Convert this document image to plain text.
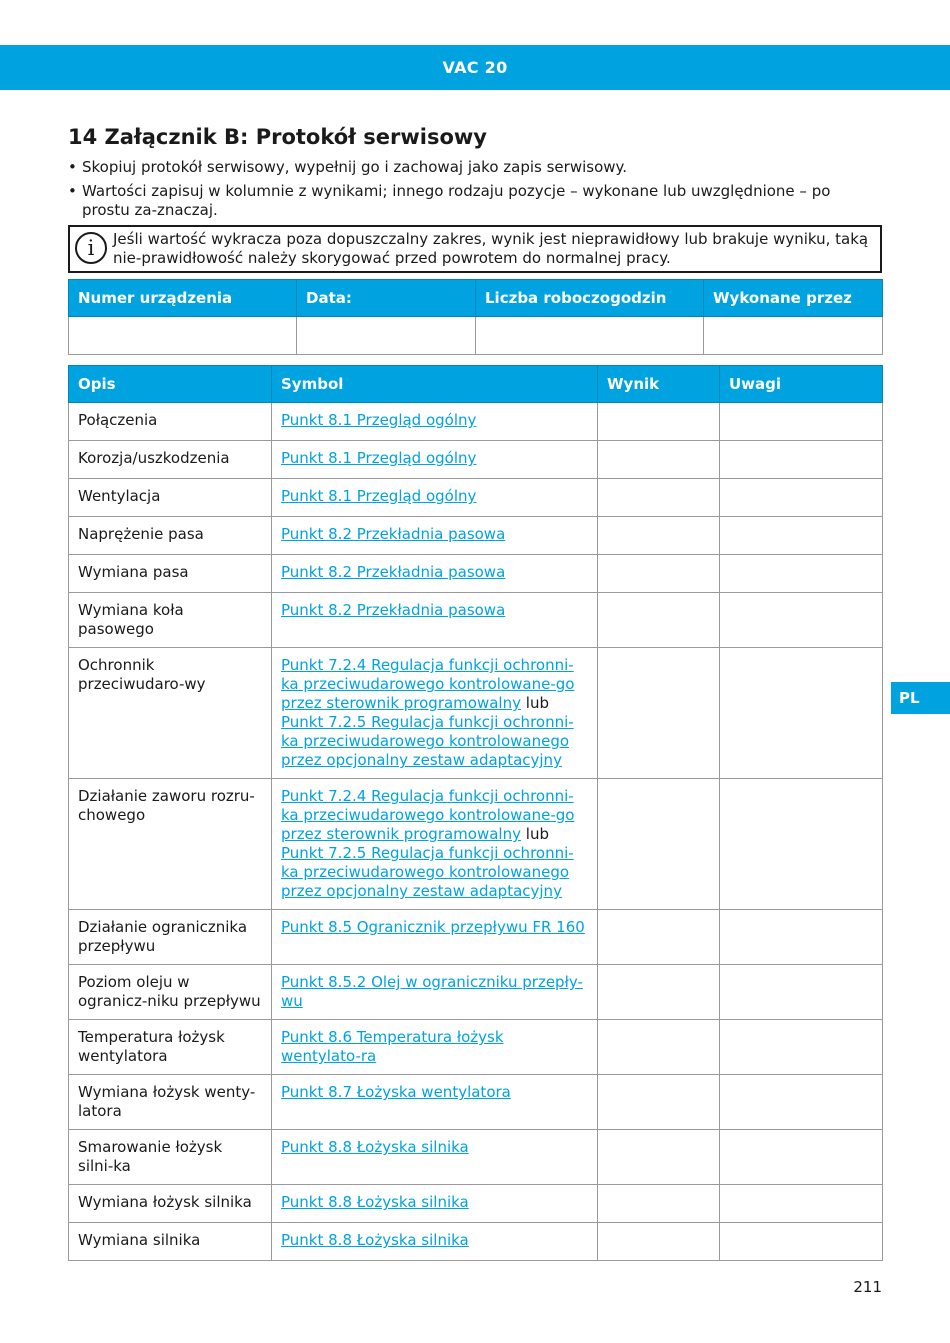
VAC 20
PL
14 Załącznik B: Protokół serwisowy
• Skopiuj protokół serwisowy, wypełnij go i zachowaj jako zapis serwisowy.
• Wartości zapisuj w kolumnie z wynikami; innego rodzaju pozycje – wykonane lub uwzględnione – po prostu za-znaczaj.
i	Jeśli wartość wykracza poza dopuszczalny zakres, wynik jest nieprawidłowy lub brakuje wyniku, taką nie-prawidłowość należy skorygować przed powrotem do normalnej pracy.
Numer urządzenia	Data:	Liczba roboczogodzin	Wykonane przez

Opis	Symbol	Wynik	Uwagi
Połączenia	Punkt 8.1 Przegląd ogólny		
Korozja/uszkodzenia	Punkt 8.1 Przegląd ogólny		
Wentylacja	Punkt 8.1 Przegląd ogólny		
Naprężenie pasa	Punkt 8.2 Przekładnia pasowa		
Wymiana pasa	Punkt 8.2 Przekładnia pasowa		
Wymiana koła pasowego	Punkt 8.2 Przekładnia pasowa		
Ochronnik przeciwudaro-wy	Punkt 7.2.4 Regulacja funkcji ochronni-ka przeciwudarowego kontrolowane-go przez sterownik programowalny lub Punkt 7.2.5 Regulacja funkcji ochronni-ka przeciwudarowego kontrolowanego przez opcjonalny zestaw adaptacyjny		
Działanie zaworu rozru-chowego	Punkt 7.2.4 Regulacja funkcji ochronni-ka przeciwudarowego kontrolowane-go przez sterownik programowalny lub Punkt 7.2.5 Regulacja funkcji ochronni-ka przeciwudarowego kontrolowanego przez opcjonalny zestaw adaptacyjny		
Działanie ogranicznika przepływu	Punkt 8.5 Ogranicznik przepływu FR 160		
Poziom oleju w ogranicz-niku przepływu	Punkt 8.5.2 Olej w ograniczniku przepły-wu		
Temperatura łożysk wentylatora	Punkt 8.6 Temperatura łożysk wentylato-ra		
Wymiana łożysk wenty-latora	Punkt 8.7 Łożyska wentylatora		
Smarowanie łożysk silni-ka	Punkt 8.8 Łożyska silnika		
Wymiana łożysk silnika	Punkt 8.8 Łożyska silnika		
Wymiana silnika	Punkt 8.8 Łożyska silnika		
211
